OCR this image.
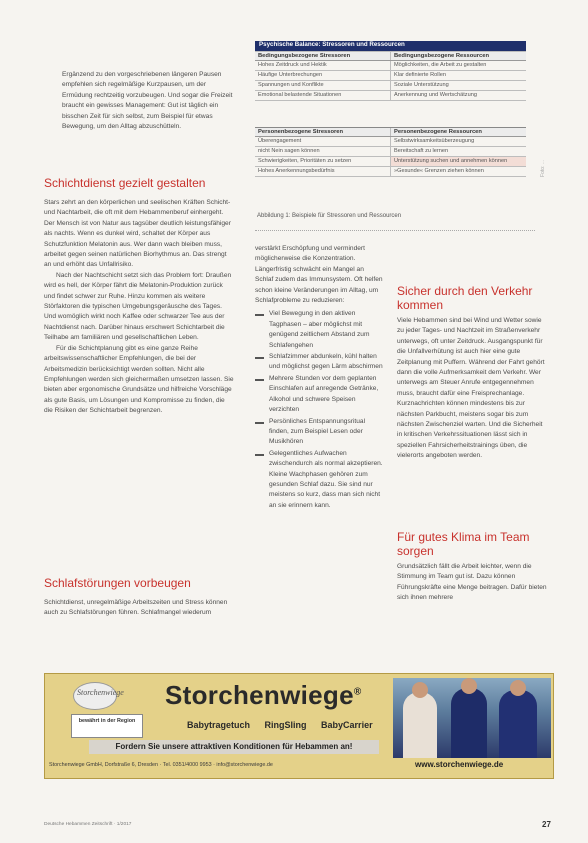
Psychische Balance: Stressoren und Ressourcen	
Bedingungsbezogene Stressoren	Bedingungsbezogene Ressourcen
Hohes Zeitdruck und Hektik	Möglichkeiten, die Arbeit zu gestalten
Häufige Unterbrechungen	Klar definierte Rollen
Spannungen und Konflikte	Soziale Unterstützung
Emotional belastende Situationen	Anerkennung und Wertschätzung
Personenbezogene Stressoren	Personenbezogene Ressourcen
Überengagement	Selbstwirksamkeitsüberzeugung
nicht Nein sagen können	Bereitschaft zu lernen
Schwierigkeiten, Prioritäten zu setzen	Unterstützung suchen und annehmen können
Hohes Anerkennungsbedürfnis	»Gesunde« Grenzen ziehen können
Abbildung 1: Beispiele für Stressoren und Ressourcen
Foto: ...

Ergänzend zu den vorgeschriebenen längeren Pausen empfehlen sich regelmäßige Kurzpausen, um der Ermüdung rechtzeitig vorzubeugen. Und sogar die Freizeit braucht ein gewisses Management: Gut ist täglich ein bisschen Zeit für sich selbst, zum Beispiel für etwas Bewegung, um den Alltag abzuschütteln.

Schichtdienst gezielt gestalten

Stars zehrt an den körperlichen und seelischen Kräften Schicht- und Nachtarbeit, die oft mit dem Hebammenberuf einhergeht. Der Mensch ist von Natur aus tagsüber deutlich leistungsfähiger als nachts. Wenn es dunkel wird, schaltet der Körper aus Schutzfunktion Melatonin aus. Wer dann wach bleiben muss, arbeitet gegen seinen natürlichen Biorhythmus an. Das strengt an und erhöht das Unfallrisiko.

Nach der Nachtschicht setzt sich das Problem fort: Draußen wird es hell, der Körper fährt die Melatonin-Produktion zurück und findet schwer zur Ruhe. Hinzu kommen als weitere Störfaktoren die typischen Umgebungsgeräusche des Tages. Und womöglich wirkt noch Kaffee oder schwarzer Tee aus der Nachtdienst nach. Darüber hinaus erschwert Schichtarbeit die Teilhabe am familiären und gesellschaftlichen Leben.

Für die Schichtplanung gibt es eine ganze Reihe arbeitswissenschaftlicher Empfehlungen, die bei der Arbeitsmedizin berücksichtigt werden sollten. Nicht alle Empfehlungen werden sich gleichermaßen umsetzen lassen. Sie bieten aber ergonomische Grundsätze und hilfreiche Vorschläge als gute Basis, um Lösungen und Kompromisse zu finden, die die Risiken der Schichtarbeit begrenzen.

Schlafstörungen vorbeugen

Schichtdienst, unregelmäßige Arbeitszeiten und Stress können auch zu Schlafstörungen führen. Schlafmangel wiederum

verstärkt Erschöpfung und vermindert möglicherweise die Konzentration. Längerfristig schwächt ein Mangel an Schlaf zudem das Immunsystem. Oft helfen schon kleine Veränderungen im Alltag, um Schlafprobleme zu reduzieren:

Viel Bewegung in den aktiven Tagphasen – aber möglichst mit genügend zeitlichem Abstand zum Schlafengehen
Schlafzimmer abdunkeln, kühl halten und möglichst gegen Lärm abschirmen
Mehrere Stunden vor dem geplanten Einschlafen auf anregende Getränke, Alkohol und schwere Speisen verzichten
Persönliches Entspannungsritual finden, zum Beispiel Lesen oder Musikhören
Gelegentliches Aufwachen zwischendurch als normal akzeptieren. Kleine Wachphasen gehören zum gesunden Schlaf dazu. Sie sind nur meistens so kurz, dass man sich nicht an sie erinnern kann.
Sicher durch den Verkehr kommen

Viele Hebammen sind bei Wind und Wetter sowie zu jeder Tages- und Nachtzeit im Straßenverkehr unterwegs, oft unter Zeitdruck. Ausgangspunkt für die Unfallverhütung ist auch hier eine gute Zeitplanung mit Puffern. Während der Fahrt gehört dann die volle Aufmerksamkeit dem Verkehr. Wer unterwegs am Steuer Anrufe entgegennehmen muss, braucht dafür eine Freisprechanlage. Kurznachrichten können mindestens bis zur nächsten Parkbucht, meistens sogar bis zum nächsten Zwischenziel warten. Und die Sicherheit in kritischen Verkehrssituationen lässt sich in speziellen Fahrsicherheitstrainings üben, die vielerorts angeboten werden.

Für gutes Klima im Team sorgen

Grundsätzlich fällt die Arbeit leichter, wenn die Stimmung im Team gut ist. Dazu können Führungskräfte eine Menge beitragen. Dafür bieten sich ihnen mehrere

Storchenwiege
bewährt in der Region
Storchenwiege®
Babytragetuch RingSling BabyCarrier
Fordern Sie unsere attraktiven Konditionen für Hebammen an!
Storchenwiege GmbH, Dorfstraße 6, Dresden · Tel. 0351/4000 9953 · info@storchenwiege.de	www.storchenwiege.de
Deutsche Hebammen Zeitschrift · 1/2017	27
